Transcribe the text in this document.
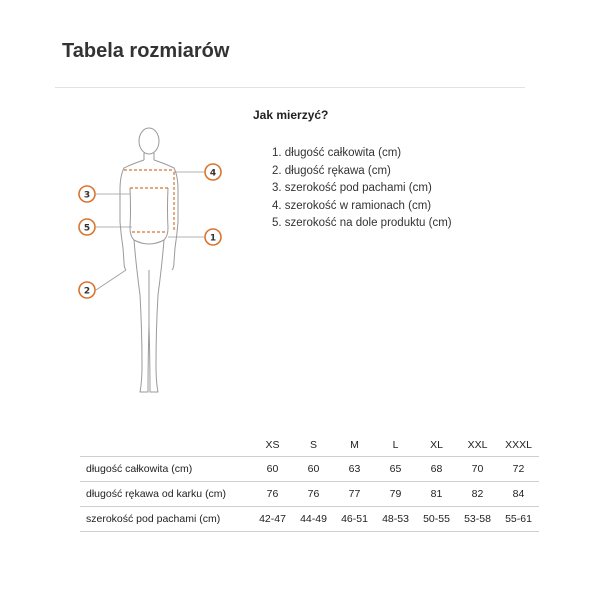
Tabela rozmiarów
4
3
5
1
2
Jak mierzyć?
1. długość całkowita (cm)
2. długość rękawa (cm)
3. szerokość pod pachami (cm)
4. szerokość w ramionach (cm)
5. szerokość na dole produktu (cm)
	XS	S	M	L	XL	XXL	XXXL
długość całkowita (cm)	60	60	63	65	68	70	72
długość rękawa od karku (cm)	76	76	77	79	81	82	84
szerokość pod pachami (cm)	42-47	44-49	46-51	48-53	50-55	53-58	55-61
